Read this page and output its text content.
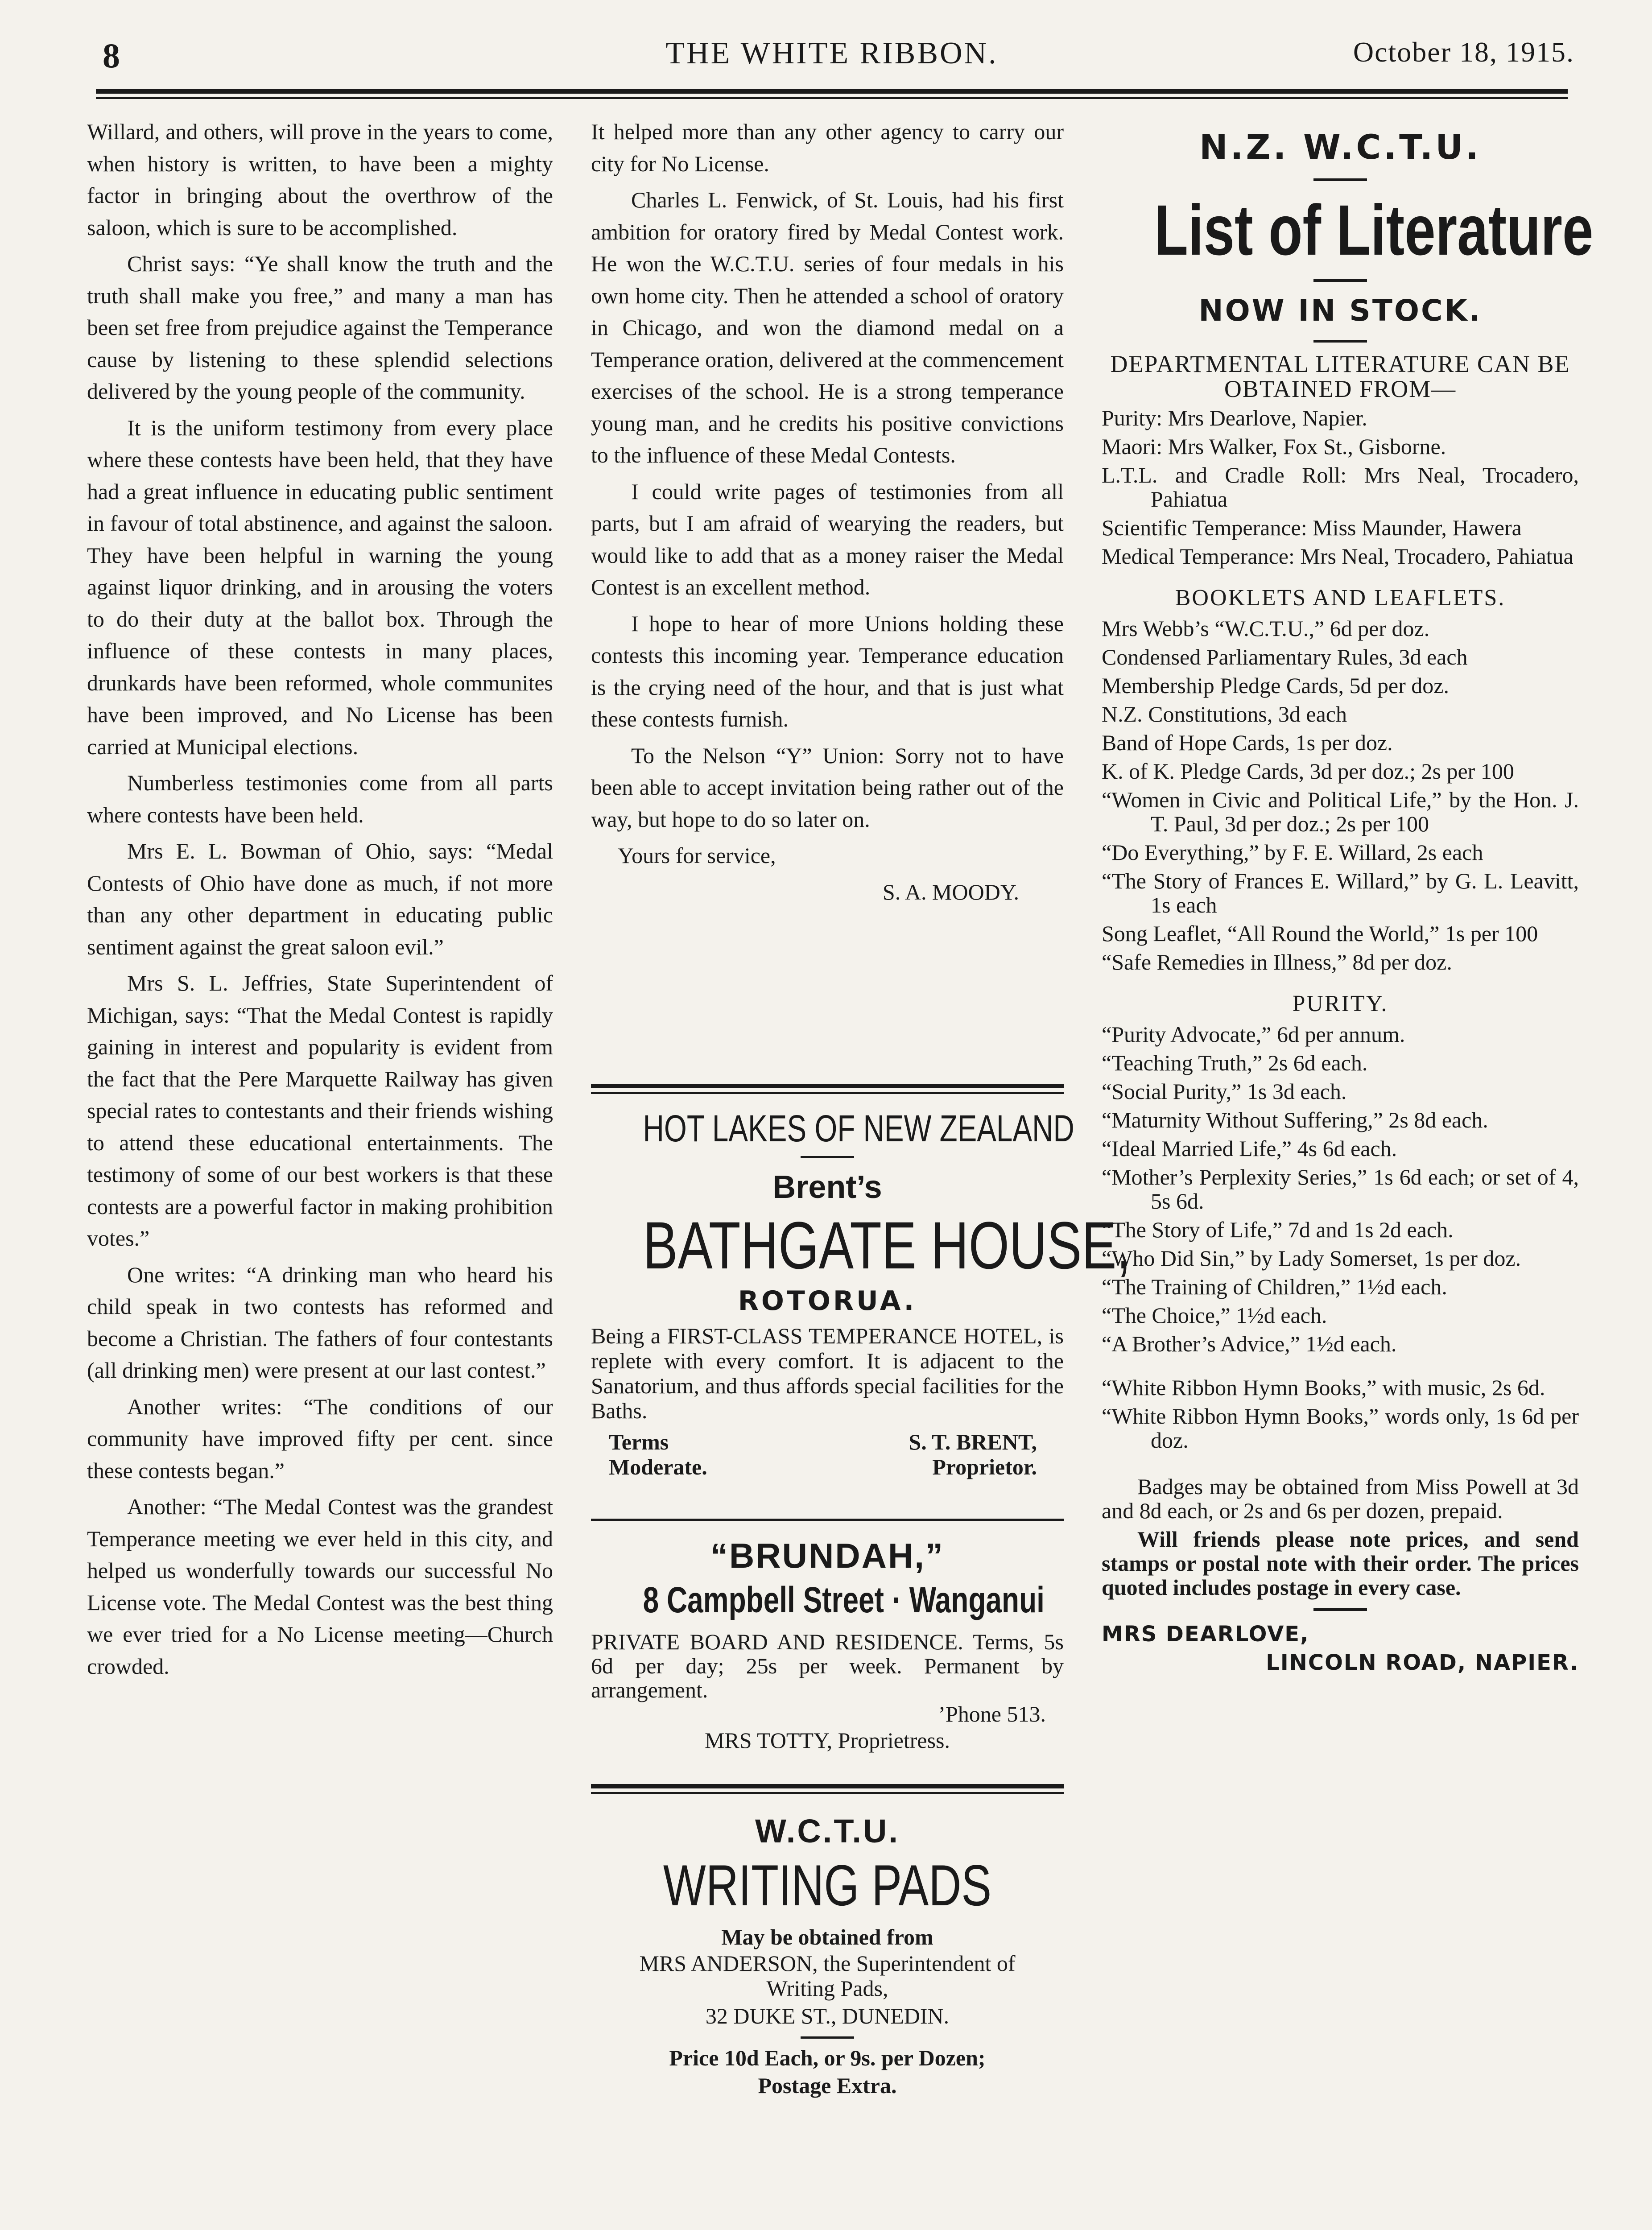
8	THE WHITE RIBBON.	October 18, 1915.

Willard, and others, will prove in the years to come, when history is written, to have been a mighty factor in bringing about the overthrow of the saloon, which is sure to be accomplished.

Christ says: “Ye shall know the truth and the truth shall make you free,” and many a man has been set free from prejudice against the Temperance cause by listening to these splendid selections delivered by the young people of the community.

It is the uniform testimony from every place where these contests have been held, that they have had a great influence in educating public sentiment in favour of total abstinence, and against the saloon. They have been helpful in warning the young against liquor drinking, and in arousing the voters to do their duty at the ballot box. Through the influence of these contests in many places, drunkards have been reformed, whole communites have been improved, and No License has been carried at Municipal elections.

Numberless testimonies come from all parts where contests have been held.

Mrs E. L. Bowman of Ohio, says: “Medal Contests of Ohio have done as much, if not more than any other department in educating public sentiment against the great saloon evil.”

Mrs S. L. Jeffries, State Superintendent of Michigan, says: “That the Medal Contest is rapidly gaining in interest and popularity is evident from the fact that the Pere Marquette Railway has given special rates to contestants and their friends wishing to attend these educational entertainments. The testimony of some of our best workers is that these contests are a powerful factor in making prohibition votes.”

One writes: “A drinking man who heard his child speak in two contests has reformed and become a Christian. The fathers of four contestants (all drinking men) were present at our last contest.”

Another writes: “The conditions of our community have improved fifty per cent. since these contests began.”

Another: “The Medal Contest was the grandest Temperance meeting we ever held in this city, and helped us wonderfully towards our successful No License vote. The Medal Contest was the best thing we ever tried for a No License meeting—Church crowded.

It helped more than any other agency to carry our city for No License.

Charles L. Fenwick, of St. Louis, had his first ambition for oratory fired by Medal Contest work. He won the W.C.T.U. series of four medals in his own home city. Then he attended a school of oratory in Chicago, and won the diamond medal on a Temperance oration, delivered at the commencement exercises of the school. He is a strong temperance young man, and he credits his positive convictions to the influence of these Medal Contests.

I could write pages of testimonies from all parts, but I am afraid of wearying the readers, but would like to add that as a money raiser the Medal Contest is an excellent method.

I hope to hear of more Unions holding these contests this incoming year. Temperance education is the crying need of the hour, and that is just what these contests furnish.

To the Nelson “Y” Union: Sorry not to have been able to accept invitation being rather out of the way, but hope to do so later on.

Yours for service,

S. A. MOODY.

HOT LAKES OF NEW ZEALAND
Brent’s
BATHGATE HOUSE,
ROTORUA.
Being a FIRST-CLASS TEMPERANCE HOTEL, is replete with every comfort. It is adjacent to the Sanatorium, and thus affords special facilities for the Baths.
Terms
Moderate.
S. T. BRENT,
Proprietor.
“BRUNDAH,”
8 Campbell Street · Wanganui
PRIVATE BOARD AND RESIDENCE. Terms, 5s 6d per day; 25s per week. Permanent by arrangement.
’Phone 513.
MRS TOTTY, Proprietress.
W.C.T.U.
WRITING PADS
May be obtained from
MRS ANDERSON, the Superintendent of Writing Pads,
32 DUKE ST., DUNEDIN.
Price 10d Each, or 9s. per Dozen;
Postage Extra.
N.Z. W.C.T.U.
List of Literature
NOW IN STOCK.
DEPARTMENTAL LITERATURE CAN BE OBTAINED FROM—

Purity: Mrs Dearlove, Napier.

Maori: Mrs Walker, Fox St., Gisborne.

L.T.L. and Cradle Roll: Mrs Neal, Trocadero, Pahiatua

Scientific Temperance: Miss Maunder, Hawera

Medical Temperance: Mrs Neal, Trocadero, Pahiatua

BOOKLETS AND LEAFLETS.

Mrs Webb’s “W.C.T.U.,” 6d per doz.

Condensed Parliamentary Rules, 3d each

Membership Pledge Cards, 5d per doz.

N.Z. Constitutions, 3d each

Band of Hope Cards, 1s per doz.

K. of K. Pledge Cards, 3d per doz.; 2s per 100

“Women in Civic and Political Life,” by the Hon. J. T. Paul, 3d per doz.; 2s per 100

“Do Everything,” by F. E. Willard, 2s each

“The Story of Frances E. Willard,” by G. L. Leavitt, 1s each

Song Leaflet, “All Round the World,” 1s per 100

“Safe Remedies in Illness,” 8d per doz.

PURITY.

“Purity Advocate,” 6d per annum.

“Teaching Truth,” 2s 6d each.

“Social Purity,” 1s 3d each.

“Maturnity Without Suffering,” 2s 8d each.

“Ideal Married Life,” 4s 6d each.

“Mother’s Perplexity Series,” 1s 6d each; or set of 4, 5s 6d.

“The Story of Life,” 7d and 1s 2d each.

“Who Did Sin,” by Lady Somerset, 1s per doz.

“The Training of Children,” 1½d each.

“The Choice,” 1½d each.

“A Brother’s Advice,” 1½d each.

“White Ribbon Hymn Books,” with music, 2s 6d.

“White Ribbon Hymn Books,” words only, 1s 6d per doz.

Badges may be obtained from Miss Powell at 3d and 8d each, or 2s and 6s per dozen, prepaid.

Will friends please note prices, and send stamps or postal note with their order. The prices quoted includes postage in every case.

MRS DEARLOVE,
LINCOLN ROAD, NAPIER.
